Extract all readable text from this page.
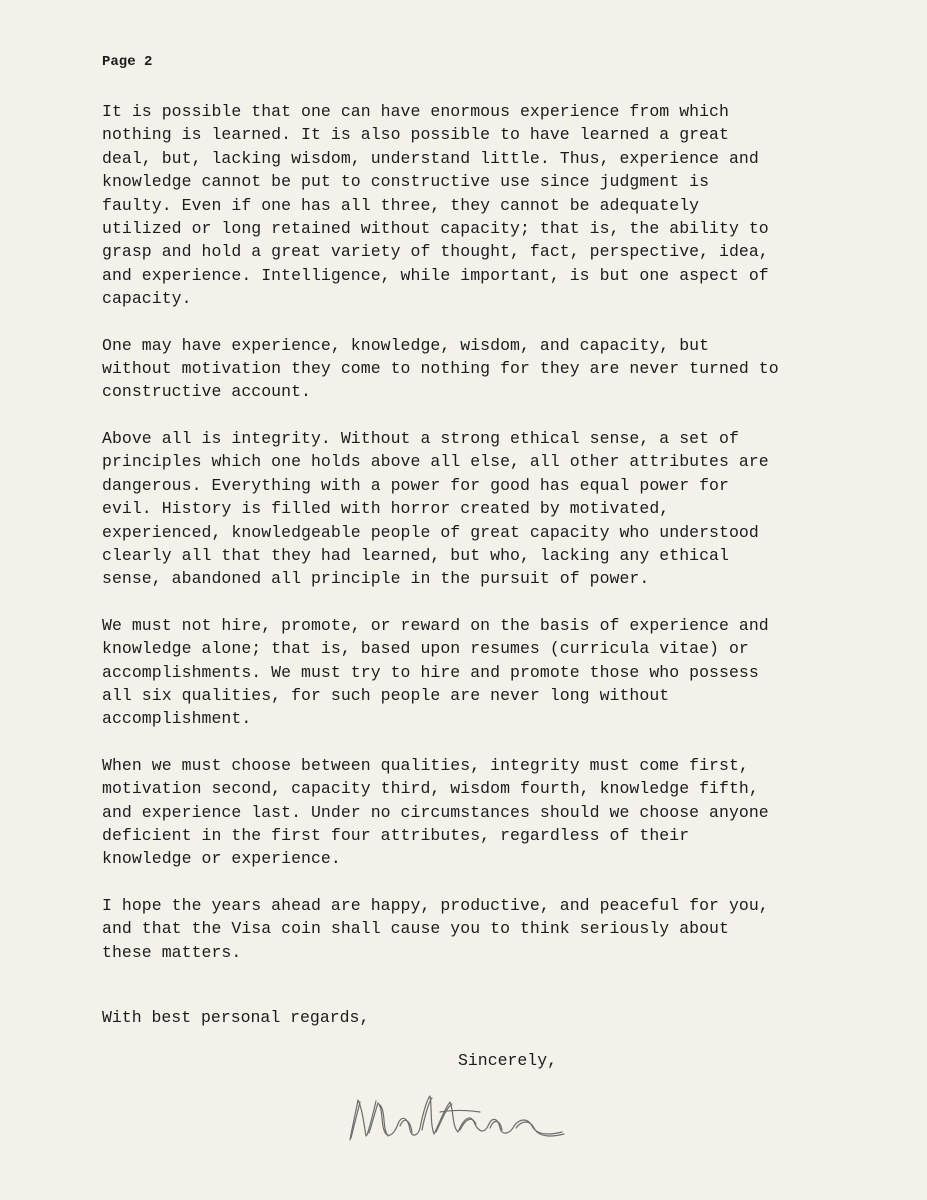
Page 2

It is possible that one can have enormous experience from which
nothing is learned. It is also possible to have learned a great
deal, but, lacking wisdom, understand little. Thus, experience and
knowledge cannot be put to constructive use since judgment is
faulty. Even if one has all three, they cannot be adequately
utilized or long retained without capacity; that is, the ability to
grasp and hold a great variety of thought, fact, perspective, idea,
and experience. Intelligence, while important, is but one aspect of
capacity.

One may have experience, knowledge, wisdom, and capacity, but
without motivation they come to nothing for they are never turned to
constructive account.

Above all is integrity. Without a strong ethical sense, a set of
principles which one holds above all else, all other attributes are
dangerous. Everything with a power for good has equal power for
evil. History is filled with horror created by motivated,
experienced, knowledgeable people of great capacity who understood
clearly all that they had learned, but who, lacking any ethical
sense, abandoned all principle in the pursuit of power.

We must not hire, promote, or reward on the basis of experience and
knowledge alone; that is, based upon resumes (curricula vitae) or
accomplishments. We must try to hire and promote those who possess
all six qualities, for such people are never long without
accomplishment.

When we must choose between qualities, integrity must come first,
motivation second, capacity third, wisdom fourth, knowledge fifth,
and experience last. Under no circumstances should we choose anyone
deficient in the first four attributes, regardless of their
knowledge or experience.

I hope the years ahead are happy, productive, and peaceful for you,
and that the Visa coin shall cause you to think seriously about
these matters.

With best personal regards,
Sincerely,
